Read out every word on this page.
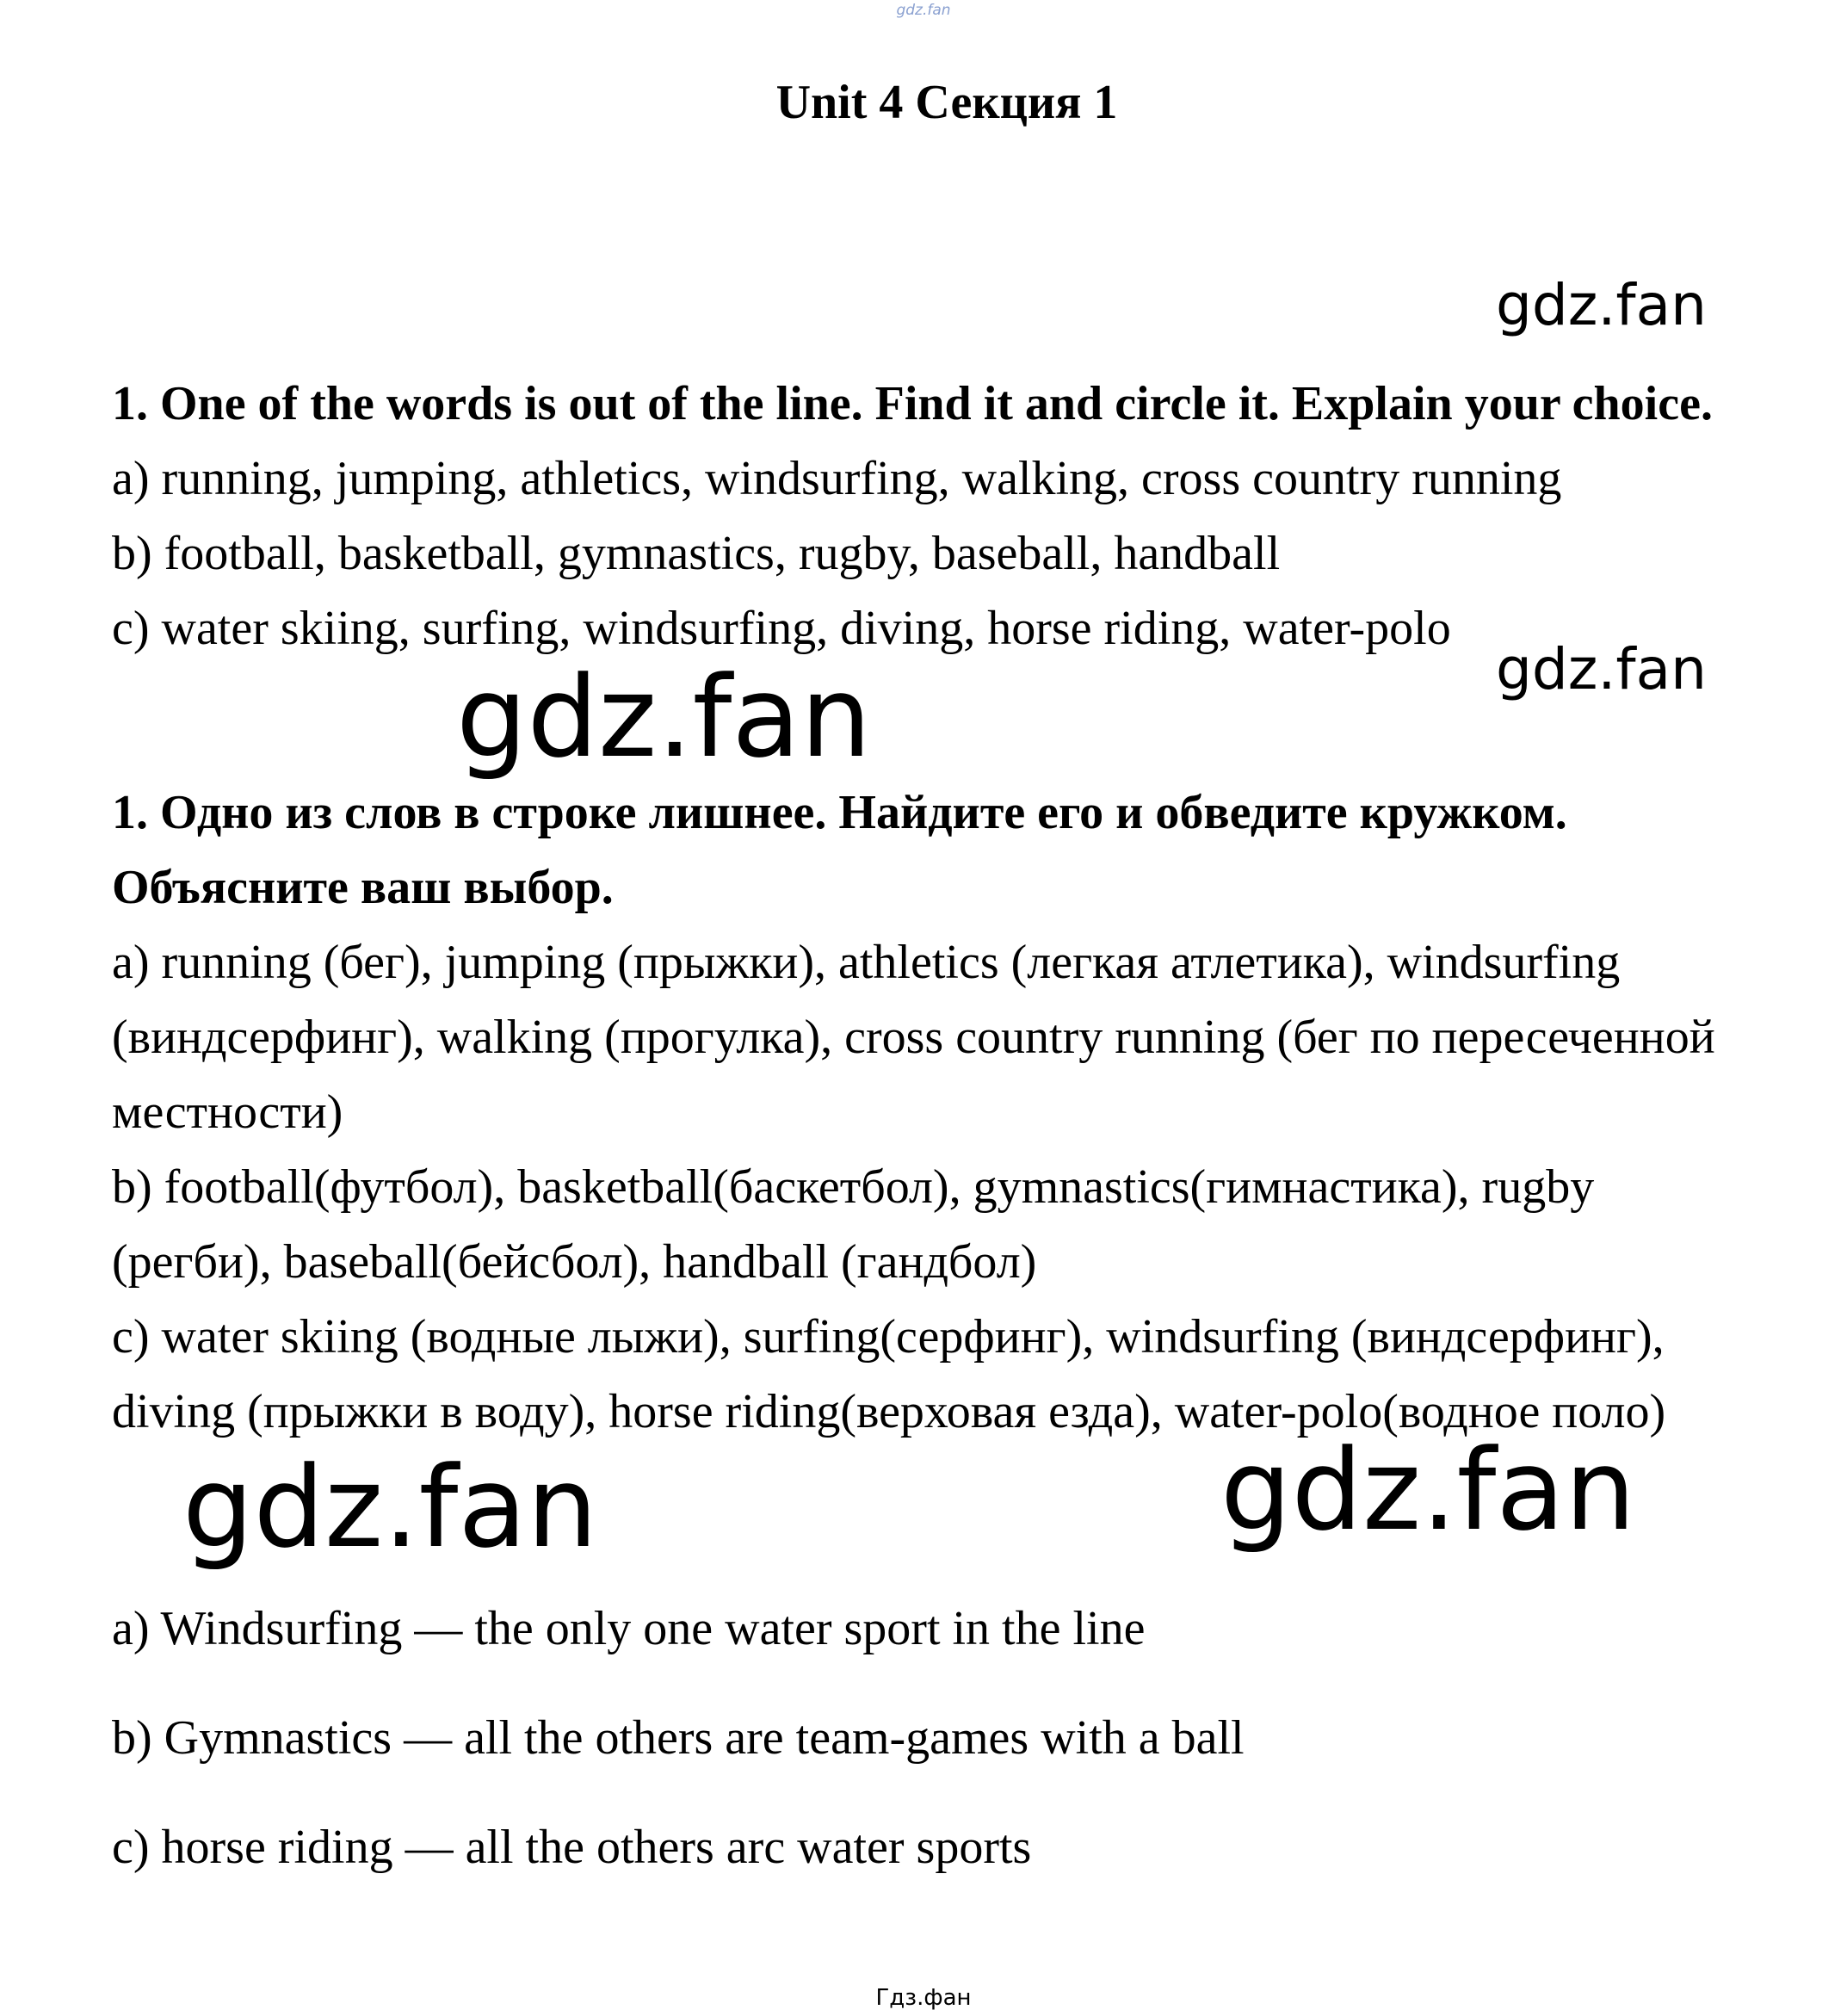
gdz.fan
Unit 4 Секция 1
1. One of the words is out of the line. Find it and circle it. Explain your choice.
a) running, jumping, athletics, windsurfing, walking, cross country running
b) football, basketball, gymnastics, rugby, baseball, handball
c) water skiing, surfing, windsurfing, diving, horse riding, water-polo
1. Одно из слов в строке лишнее. Найдите его и обведите кружком.
Объясните ваш выбор.
a) running (бег), jumping (прыжки), athletics (легкая атлетика), windsurfing
(виндсерфинг), walking (прогулка), cross country running (бег по пересеченной
местности)
b) football(футбол), basketball(баскетбол), gymnastics(гимнастика), rugby
(регби), baseball(бейсбол), handball (гандбол)
c) water skiing (водные лыжи), surfing(серфинг), windsurfing (виндсерфинг),
diving (прыжки в воду), horse riding(верховая езда), water-polo(водное поло)
a) Windsurfing — the only one water sport in the line
b) Gymnastics — all the others are team-games with a ball
c) horse riding — all the others arc water sports
gdz.fan
gdz.fan
gdz.fan
gdz.fan	gdz.fan
Гдз.фан
